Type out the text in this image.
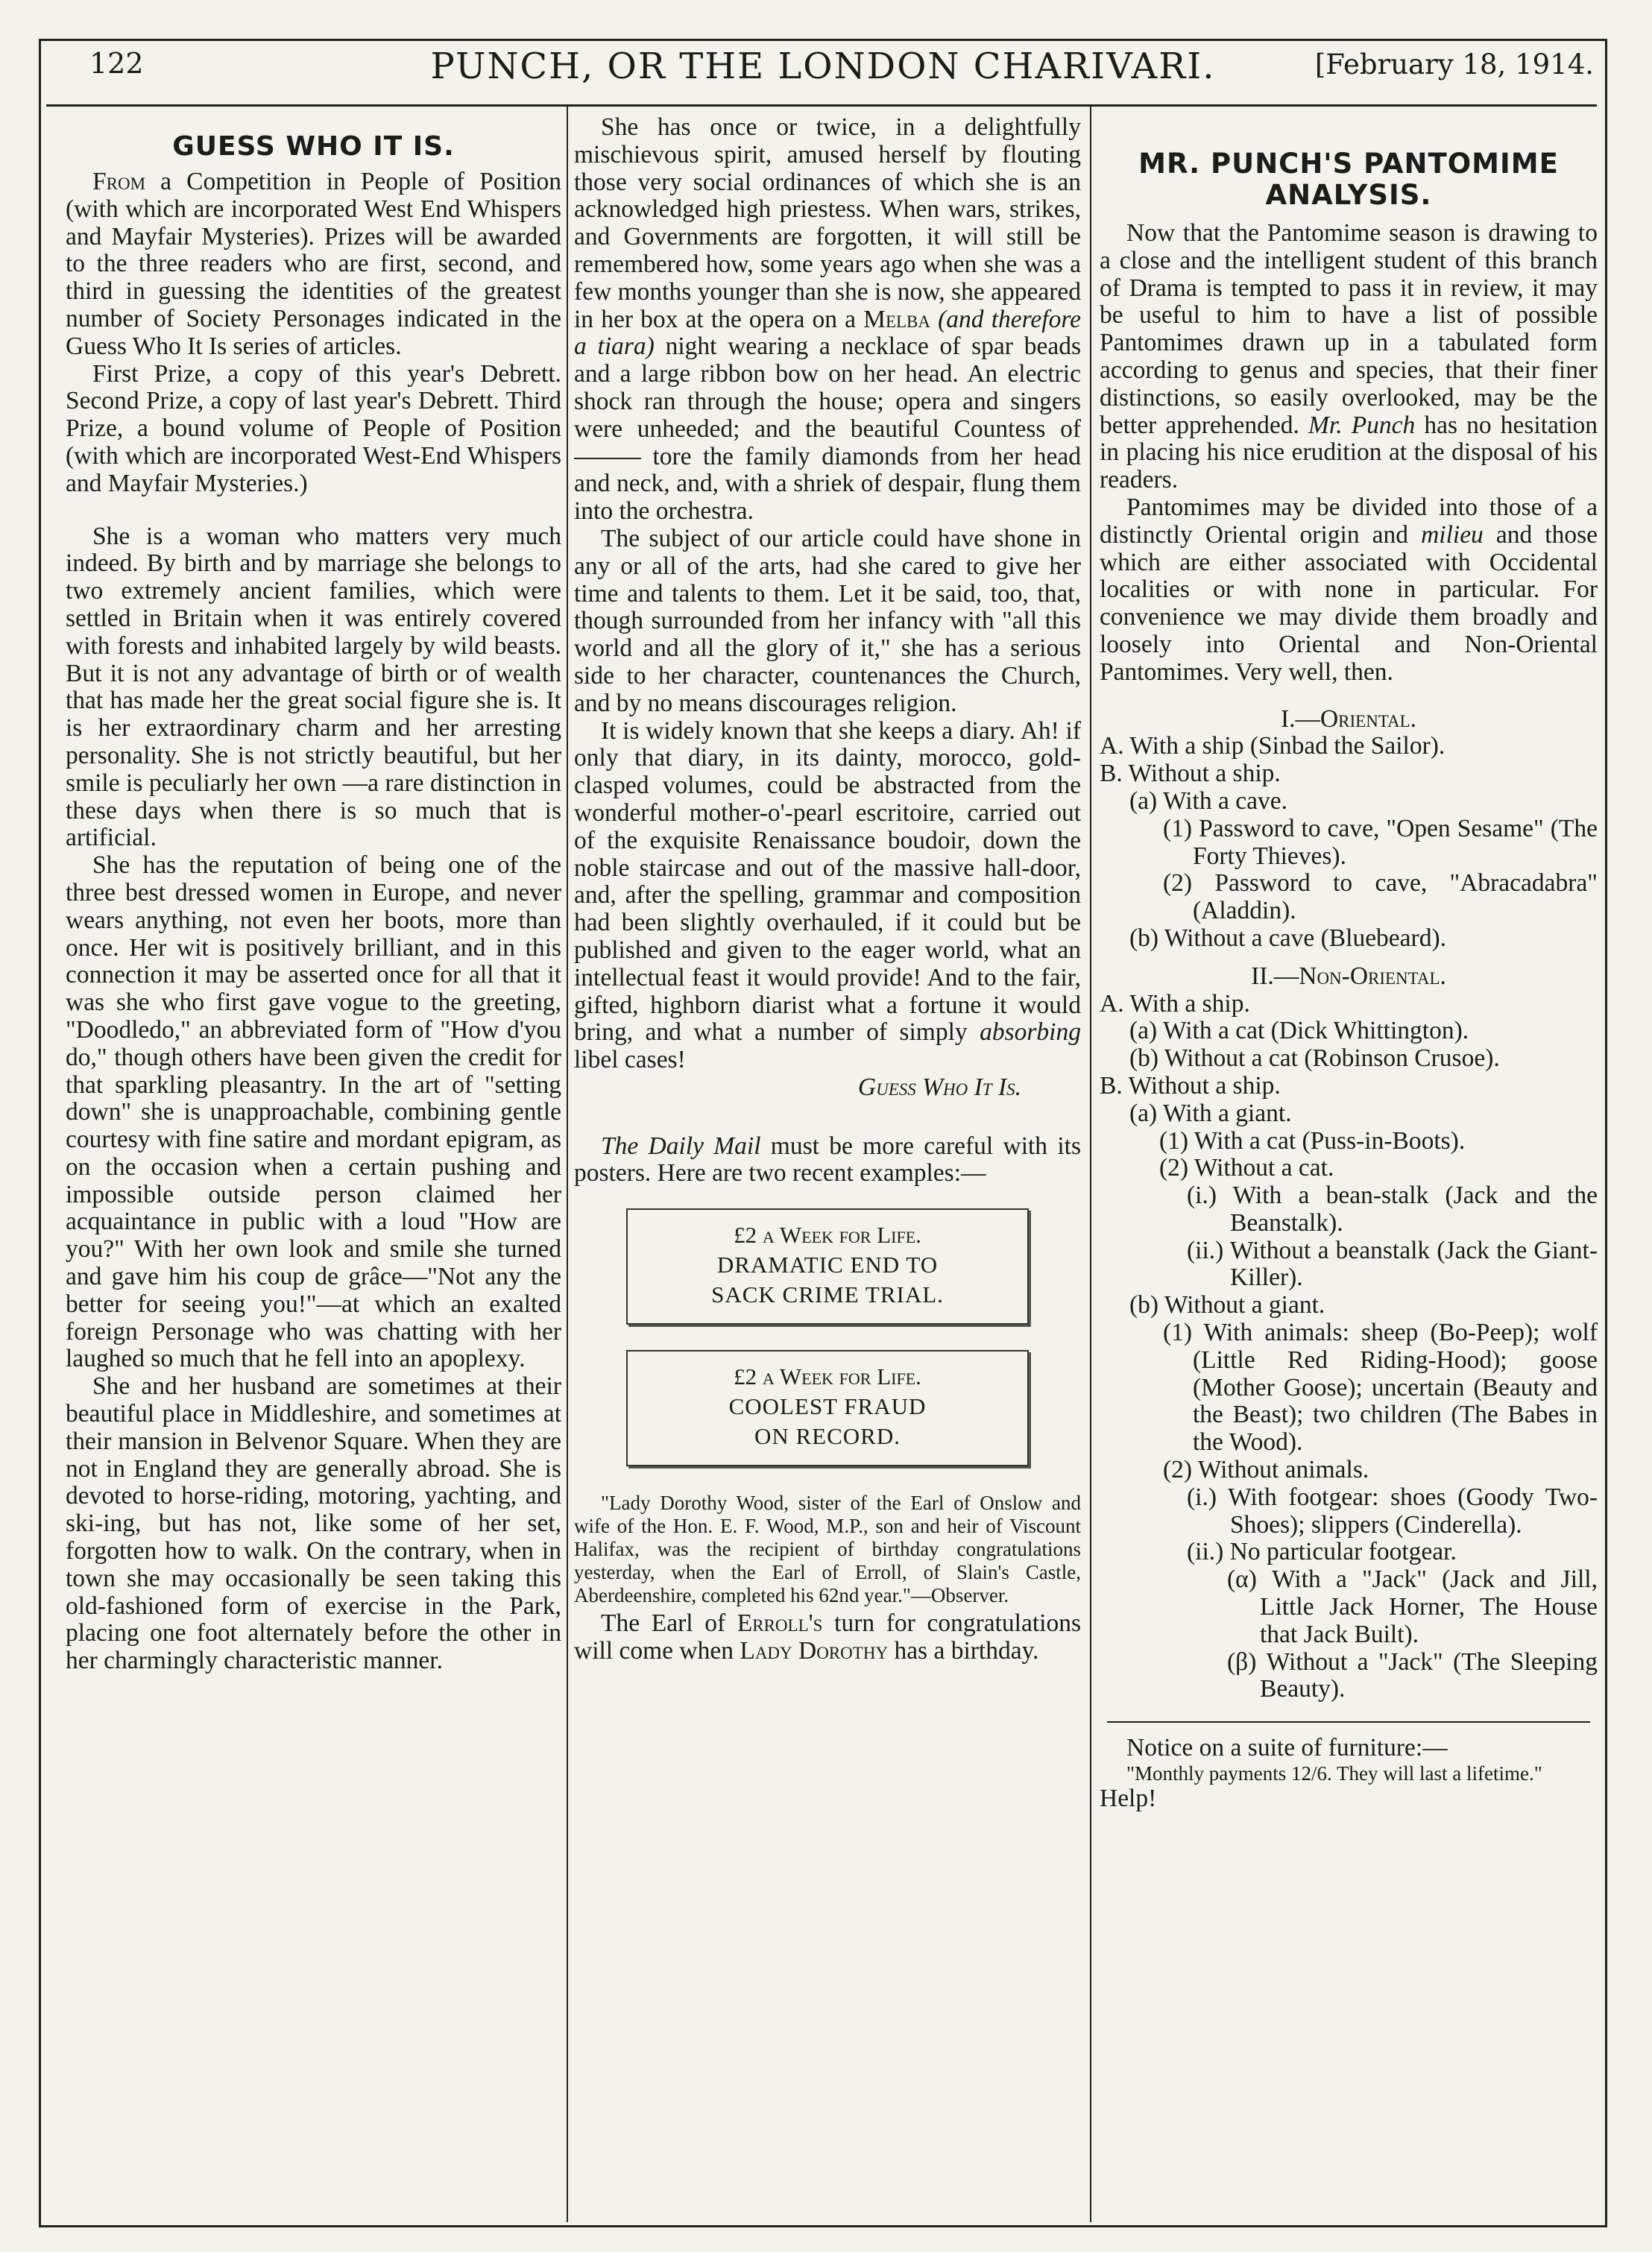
122	PUNCH, OR THE LONDON CHARIVARI.	[February 18, 1914.
GUESS WHO IT IS.

From a Competition in People of Position (with which are incorporated West End Whispers and Mayfair Mysteries). Prizes will be awarded to the three readers who are first, second, and third in guessing the identities of the greatest number of Society Personages indicated in the Guess Who It Is series of articles.

First Prize, a copy of this year's Debrett. Second Prize, a copy of last year's Debrett. Third Prize, a bound volume of People of Position (with which are incorporated West-End Whispers and Mayfair Mysteries.)

She is a woman who matters very much indeed. By birth and by marriage she belongs to two extremely ancient families, which were settled in Britain when it was entirely covered with forests and inhabited largely by wild beasts. But it is not any advantage of birth or of wealth that has made her the great social figure she is. It is her extraordinary charm and her arresting personality. She is not strictly beautiful, but her smile is peculiarly her own —a rare distinction in these days when there is so much that is artificial.

She has the reputation of being one of the three best dressed women in Europe, and never wears anything, not even her boots, more than once. Her wit is positively brilliant, and in this connection it may be asserted once for all that it was she who first gave vogue to the greeting, "Doodledo," an abbreviated form of "How d'you do," though others have been given the credit for that sparkling pleasantry. In the art of "setting down" she is unapproachable, combining gentle courtesy with fine satire and mordant epigram, as on the occasion when a certain pushing and impossible outside person claimed her acquaintance in public with a loud "How are you?" With her own look and smile she turned and gave him his coup de grâce—"Not any the better for seeing you!"—at which an exalted foreign Personage who was chatting with her laughed so much that he fell into an apoplexy.

She and her husband are sometimes at their beautiful place in Middleshire, and sometimes at their mansion in Belvenor Square. When they are not in England they are generally abroad. She is devoted to horse-riding, motoring, yachting, and ski-ing, but has not, like some of her set, forgotten how to walk. On the contrary, when in town she may occasionally be seen taking this old-fashioned form of exercise in the Park, placing one foot alternately before the other in her charmingly characteristic manner.

She has once or twice, in a delightfully mischievous spirit, amused herself by flouting those very social ordinances of which she is an acknowledged high priestess. When wars, strikes, and Governments are forgotten, it will still be remembered how, some years ago when she was a few months younger than she is now, she appeared in her box at the opera on a Melba (and therefore a tiara) night wearing a necklace of spar beads and a large ribbon bow on her head. An electric shock ran through the house; opera and singers were unheeded; and the beautiful Countess of  tore the family diamonds from her head and neck, and, with a shriek of despair, flung them into the orchestra.

The subject of our article could have shone in any or all of the arts, had she cared to give her time and talents to them. Let it be said, too, that, though surrounded from her infancy with "all this world and all the glory of it," she has a serious side to her character, countenances the Church, and by no means discourages religion.

It is widely known that she keeps a diary. Ah! if only that diary, in its dainty, morocco, gold-clasped volumes, could be abstracted from the wonderful mother-o'-pearl escritoire, carried out of the exquisite Renaissance boudoir, down the noble staircase and out of the massive hall-door, and, after the spelling, grammar and composition had been slightly overhauled, if it could but be published and given to the eager world, what an intellectual feast it would provide! And to the fair, gifted, highborn diarist what a fortune it would bring, and what a number of simply absorbing libel cases!

Guess Who It Is.

The Daily Mail must be more careful with its posters. Here are two recent examples:—

£2 a Week for Life.
DRAMATIC END TO
SACK CRIME TRIAL.
£2 a Week for Life.
COOLEST FRAUD
ON RECORD.

"Lady Dorothy Wood, sister of the Earl of Onslow and wife of the Hon. E. F. Wood, M.P., son and heir of Viscount Halifax, was the recipient of birthday congratulations yesterday, when the Earl of Erroll, of Slain's Castle, Aberdeenshire, completed his 62nd year."—Observer.

The Earl of Erroll's turn for congratulations will come when Lady Dorothy has a birthday.

MR. PUNCH'S PANTOMIME
ANALYSIS.

Now that the Pantomime season is drawing to a close and the intelligent student of this branch of Drama is tempted to pass it in review, it may be useful to him to have a list of possible Pantomimes drawn up in a tabulated form according to genus and species, that their finer distinctions, so easily overlooked, may be the better apprehended. Mr. Punch has no hesitation in placing his nice erudition at the disposal of his readers.

Pantomimes may be divided into those of a distinctly Oriental origin and milieu and those which are either associated with Occidental localities or with none in particular. For convenience we may divide them broadly and loosely into Oriental and Non-Oriental Pantomimes. Very well, then.

I.—Oriental.

A. With a ship (Sinbad the Sailor).

B. Without a ship.

(a) With a cave.

(1) Password to cave, "Open Sesame" (The Forty Thieves).

(2) Password to cave, "Abracadabra" (Aladdin).

(b) Without a cave (Bluebeard).

II.—Non-Oriental.

A. With a ship.

(a) With a cat (Dick Whittington).

(b) Without a cat (Robinson Crusoe).

B. Without a ship.

(a) With a giant.

(1) With a cat (Puss-in-Boots).

(2) Without a cat.

(i.) With a bean-stalk (Jack and the Beanstalk).

(ii.) Without a beanstalk (Jack the Giant-Killer).

(b) Without a giant.

(1) With animals: sheep (Bo-Peep); wolf (Little Red Riding-Hood); goose (Mother Goose); uncertain (Beauty and the Beast); two children (The Babes in the Wood).

(2) Without animals.

(i.) With footgear: shoes (Goody Two-Shoes); slippers (Cinderella).

(ii.) No particular footgear.

(α) With a "Jack" (Jack and Jill, Little Jack Horner, The House that Jack Built).

(β) Without a "Jack" (The Sleeping Beauty).

Notice on a suite of furniture:—

"Monthly payments 12/6. They will last a lifetime."

Help!
